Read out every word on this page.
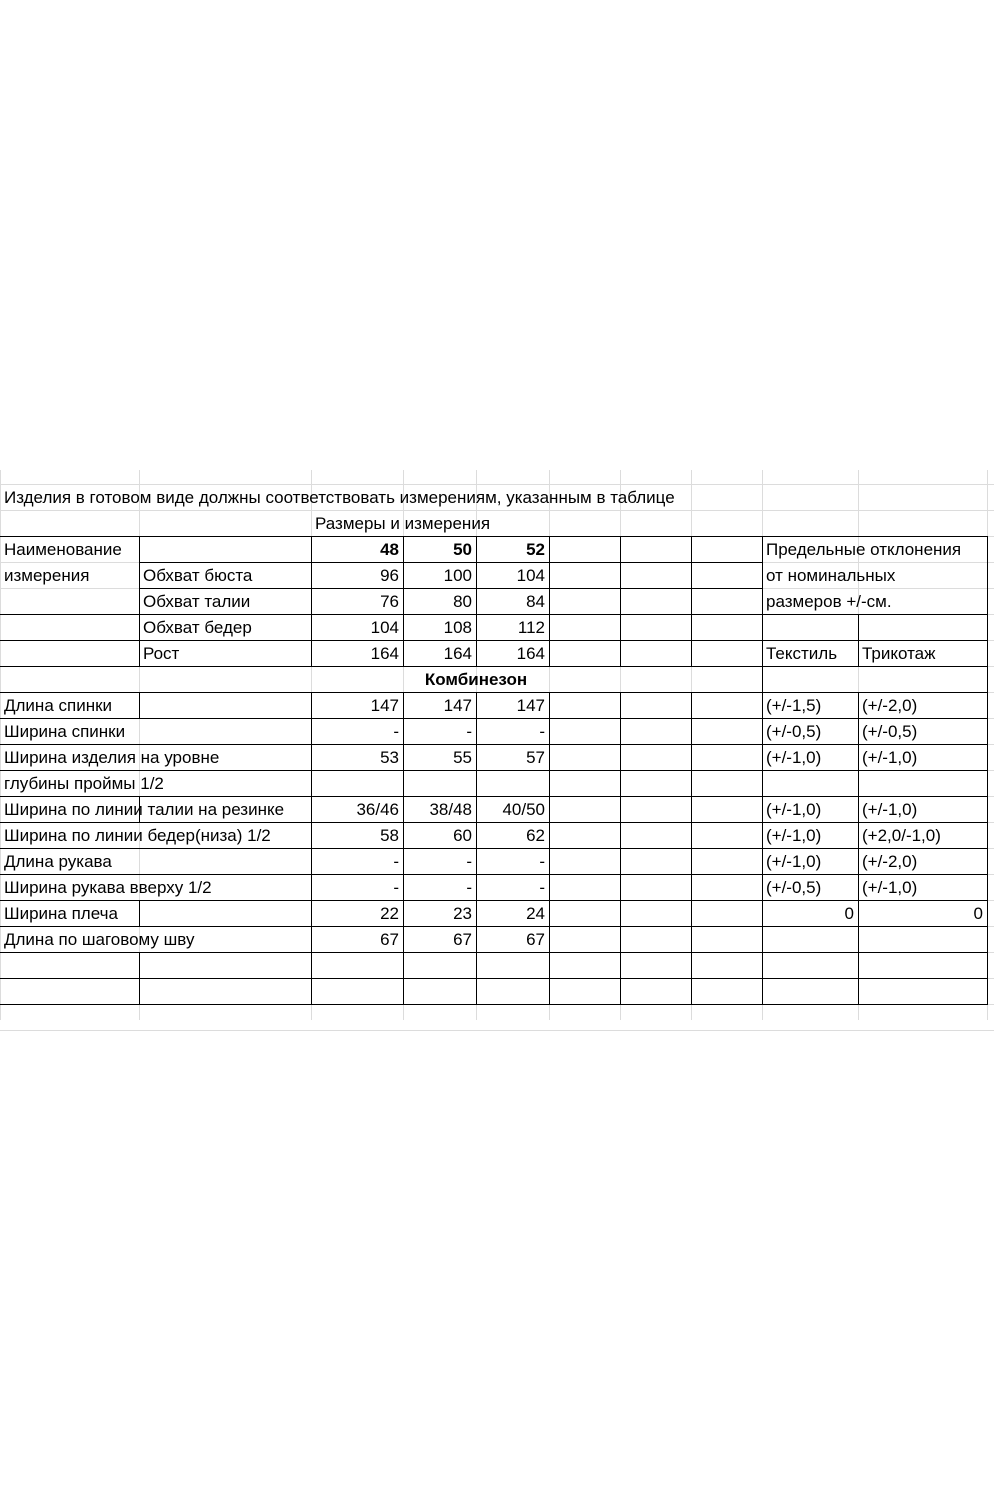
Изделия в готовом виде должны соответствовать измерениям, указанным в таблице
Размеры и измерения
Наименование
измерения
48	50	52	Предельные отклонения
от номинальных
размеров +/-см.
Текстиль	Трикотаж
Обхват бюста	96	100	104
Обхват талии	76	80	84
Обхват бедер	104	108	112
Рост	164	164	164
Комбинезон
Длина спинки	147	147	147	(+/-1,5)	(+/-2,0)
Ширина спинки	-	-	-	(+/-0,5)	(+/-0,5)
Ширина изделия на уровне	53	55	57	(+/-1,0)	(+/-1,0)
глубины проймы 1/2
Ширина по линии талии на резинке	36/46	38/48	40/50	(+/-1,0)	(+/-1,0)
Ширина по линии бедер(низа) 1/2	58	60	62	(+/-1,0)	(+2,0/-1,0)
Длина рукава	-	-	-	(+/-1,0)	(+/-2,0)
Ширина рукава вверху 1/2	-	-	-	(+/-0,5)	(+/-1,0)
Ширина плеча	22	23	24	0	0
Длина по шаговому шву	67	67	67
